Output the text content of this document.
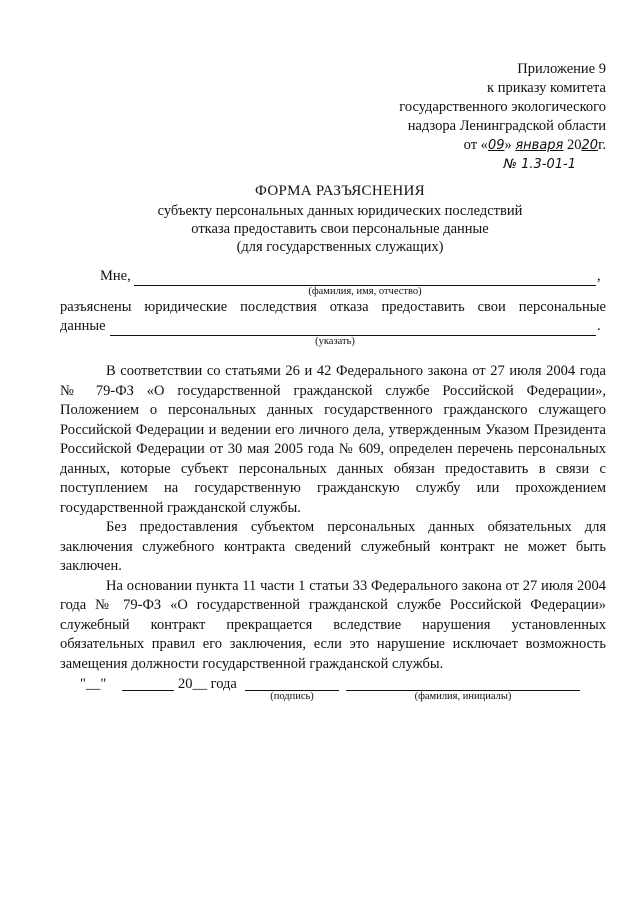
Приложение 9
к приказу комитета
государственного экологического
надзора Ленинградской области
от «09» января 2020г.
№ 1.3-01-1
ФОРМА РАЗЪЯСНЕНИЯ
субъекту персональных данных юридических последствий
отказа предоставить свои персональные данные
(для государственных служащих)
Мне,	,
(фамилия, имя, отчество)
разъяснены юридические последствия отказа предоставить свои персональные
данные	.
(указать)

В соответствии со статьями 26 и 42 Федерального закона от 27 июля 2004 года № 79-ФЗ «О государственной гражданской службе Российской Федерации», Положением о персональных данных государственного гражданского служащего Российской Федерации и ведении его личного дела, утвержденным Указом Президента Российской Федерации от 30 мая 2005 года № 609, определен перечень персональных данных, которые субъект персональных данных обязан предоставить в связи с поступлением на государственную гражданскую службу или прохождением государственной гражданской службы.

Без предоставления субъектом персональных данных обязательных для заключения служебного контракта сведений служебный контракт не может быть заключен.

На основании пункта 11 части 1 статьи 33 Федерального закона от 27 июля 2004 года № 79-ФЗ «О государственной гражданской службе Российской Федерации» служебный контракт прекращается вследствие нарушения установленных обязательных правил его заключения, если это нарушение исключает возможность замещения должности государственной гражданской службы.

"__"	20__ года
(подпись)	(фамилия, инициалы)
